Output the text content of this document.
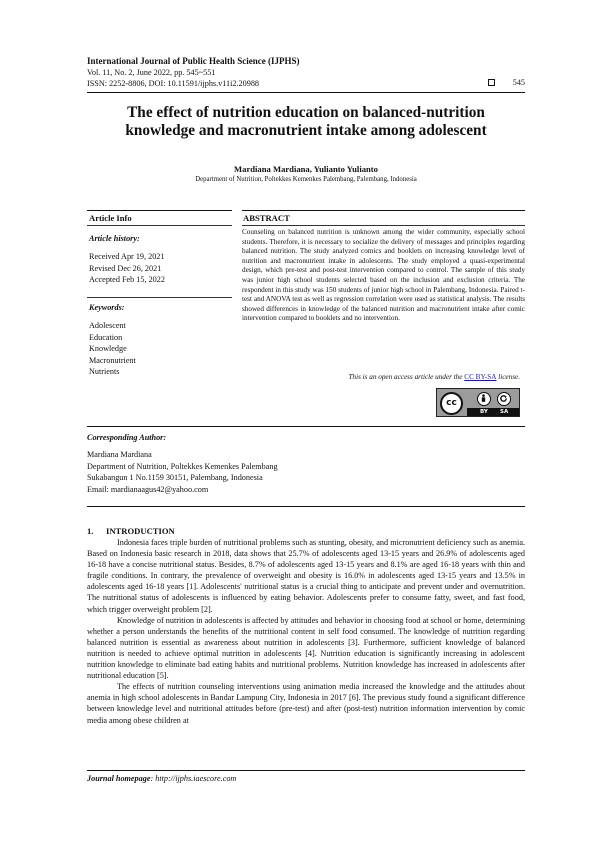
International Journal of Public Health Science (IJPHS)
Vol. 11, No. 2, June 2022, pp. 545~551
ISSN: 2252-8806, DOI: 10.11591/ijphs.v11i2.20988	545
The effect of nutrition education on balanced-nutrition
knowledge and macronutrient intake among adolescent
Mardiana Mardiana, Yulianto Yulianto
Department of Nutrition, Poltekkes Kemenkes Palembang, Palembang, Indonesia
Article Info	ABSTRACT
Article history:
Received Apr 19, 2021
Revised Dec 26, 2021
Accepted Feb 15, 2022
Keywords:
Adolescent
Education
Knowledge
Macronutrient
Nutrients
Counseling on balanced nutrition is unknown among the wider community, especially school students. Therefore, it is necessary to socialize the delivery of messages and principles regarding balanced nutrition. The study analyzed comics and booklets on increasing knowledge level of nutrition and macronutrient intake in adolescents. The study employed a quasi-experimental design, which pre-test and post-test intervention compared to control. The sample of this study was junior high school students selected based on the inclusion and exclusion criteria. The respondent in this study was 150 students of junior high school in Palembang, Indonesia. Paired t-test and ANOVA test as well as regression correlation were used as statistical analysis. The results showed differences in knowledge of the balanced nutrition and macronutrient intake after comic intervention compared to booklets and no intervention.
This is an open access article under the CC BY-SA license.
cc
BY SA
Corresponding Author:
Mardiana Mardiana
Department of Nutrition, Poltekkes Kemenkes Palembang
Sukabangun 1 No.1159 30151, Palembang, Indonesia
Email: mardianaagus42@yahoo.com
1. INTRODUCTION

Indonesia faces triple burden of nutritional problems such as stunting, obesity, and micronutrient deficiency such as anemia. Based on Indonesia basic research in 2018, data shows that 25.7% of adolescents aged 13-15 years and 26.9% of adolescents aged 16-18 have a concise nutritional status. Besides, 8.7% of adolescents aged 13-15 years and 8.1% are aged 16-18 years with thin and fragile conditions. In contrary, the prevalence of overweight and obesity is 16.0% in adolescents aged 13-15 years and 13.5% in adolescents aged 16-18 years [1]. Adolescents' nutritional status is a crucial thing to anticipate and prevent under and overnutrition. The nutritional status of adolescents is influenced by eating behavior. Adolescents prefer to consume fatty, sweet, and fast food, which trigger overweight problem [2].

Knowledge of nutrition in adolescents is affected by attitudes and behavior in choosing food at school or home, determining whether a person understands the benefits of the nutritional content in self food consumed. The knowledge of nutrition regarding balanced nutrition is essential as awareness about nutrition in adolescents [3]. Furthermore, sufficient knowledge of balanced nutrition is needed to achieve optimal nutrition in adolescents [4]. Nutrition education is significantly increasing in adolescent nutrition knowledge to eliminate bad eating habits and nutritional problems. Nutrition knowledge has increased in adolescents after nutritional education [5].

The effects of nutrition counseling interventions using animation media increased the knowledge and the attitudes about anemia in high school adolescents in Bandar Lampung City, Indonesia in 2017 [6]. The previous study found a significant difference between knowledge level and nutritional attitudes before (pre-test) and after (post-test) nutrition information intervention by comic media among obese children at

Journal homepage: http://ijphs.iaescore.com
